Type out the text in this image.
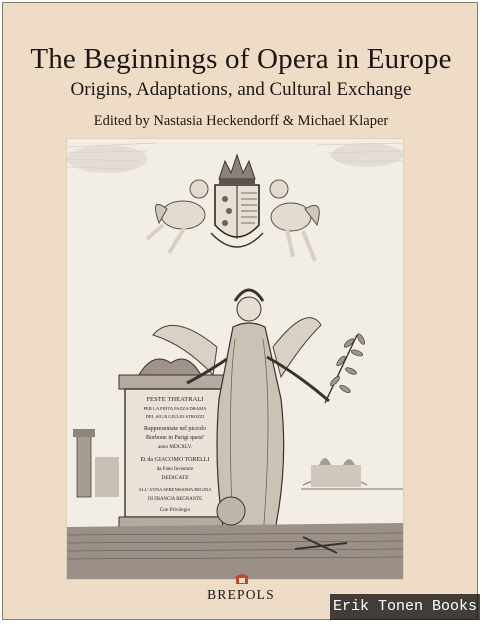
The Beginnings of Opera in Europe
Origins, Adaptations, and Cultural Exchange
Edited by Nastasia Heckendorff & Michael Klaper
FESTE THEATRALI
PER LA FINTA PAZZA DRAMA
DEL SIG.R GIULIO STROZZI
Rappresentate nel piccolo
Borbone in Parigi quest'
anno MDCXLV.
Et da GIACOMO TORELLI
da Fano Inventore
DEDICATE
ALL' ANNA SERENISSIMA REGINA
DI FRANCIA REGNANTE
Con Privilegio
BREPOLS
Erik Tonen Books
